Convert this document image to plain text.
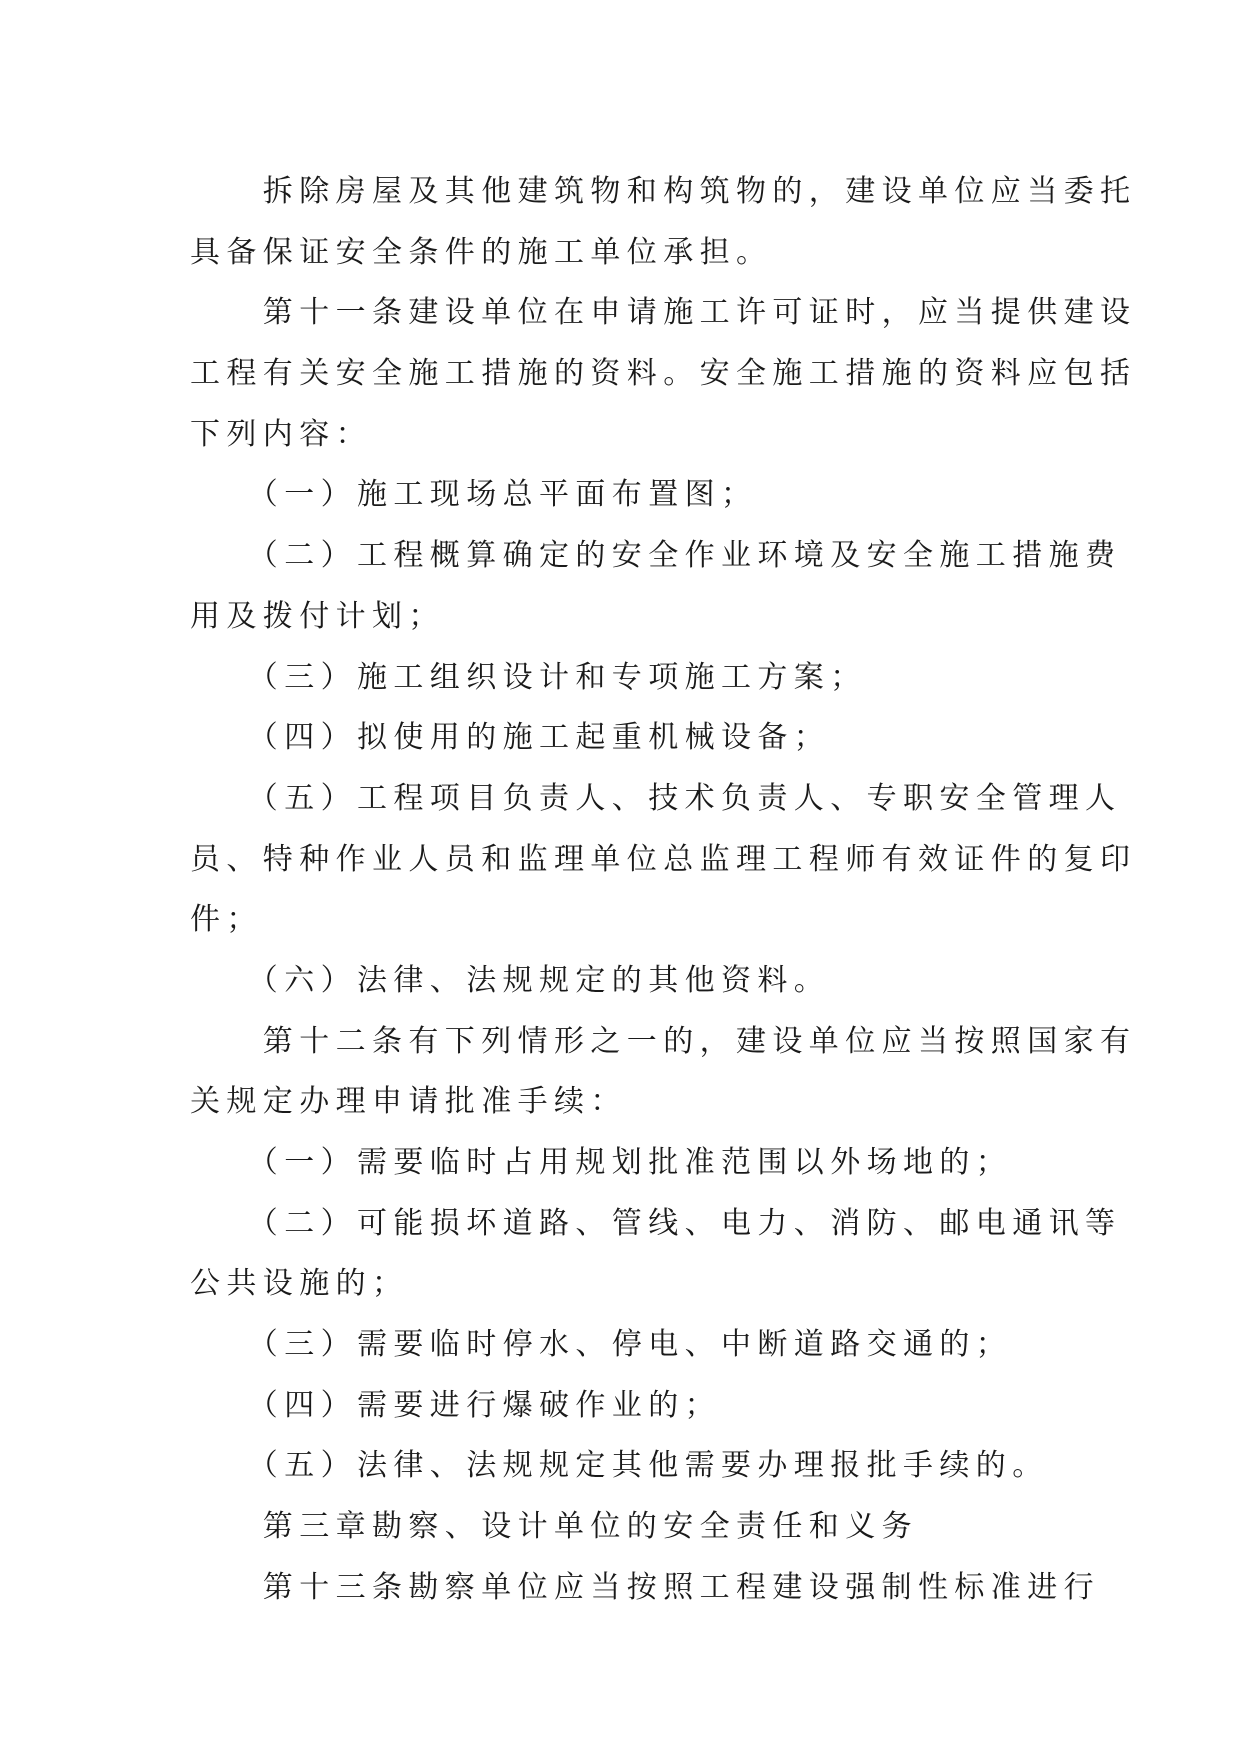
　　拆除房屋及其他建筑物和构筑物的，建设单位应当委托
具备保证安全条件的施工单位承担。
　　第十一条建设单位在申请施工许可证时，应当提供建设
工程有关安全施工措施的资料。安全施工措施的资料应包括
下列内容：
　　（一）施工现场总平面布置图；
　　（二）工程概算确定的安全作业环境及安全施工措施费
用及拨付计划；
　　（三）施工组织设计和专项施工方案；
　　（四）拟使用的施工起重机械设备；
　　（五）工程项目负责人、技术负责人、专职安全管理人
员、特种作业人员和监理单位总监理工程师有效证件的复印
件；
　　（六）法律、法规规定的其他资料。
　　第十二条有下列情形之一的，建设单位应当按照国家有
关规定办理申请批准手续：
　　（一）需要临时占用规划批准范围以外场地的；
　　（二）可能损坏道路、管线、电力、消防、邮电通讯等
公共设施的；
　　（三）需要临时停水、停电、中断道路交通的；
　　（四）需要进行爆破作业的；
　　（五）法律、法规规定其他需要办理报批手续的。
　　第三章勘察、设计单位的安全责任和义务
　　第十三条勘察单位应当按照工程建设强制性标准进行
